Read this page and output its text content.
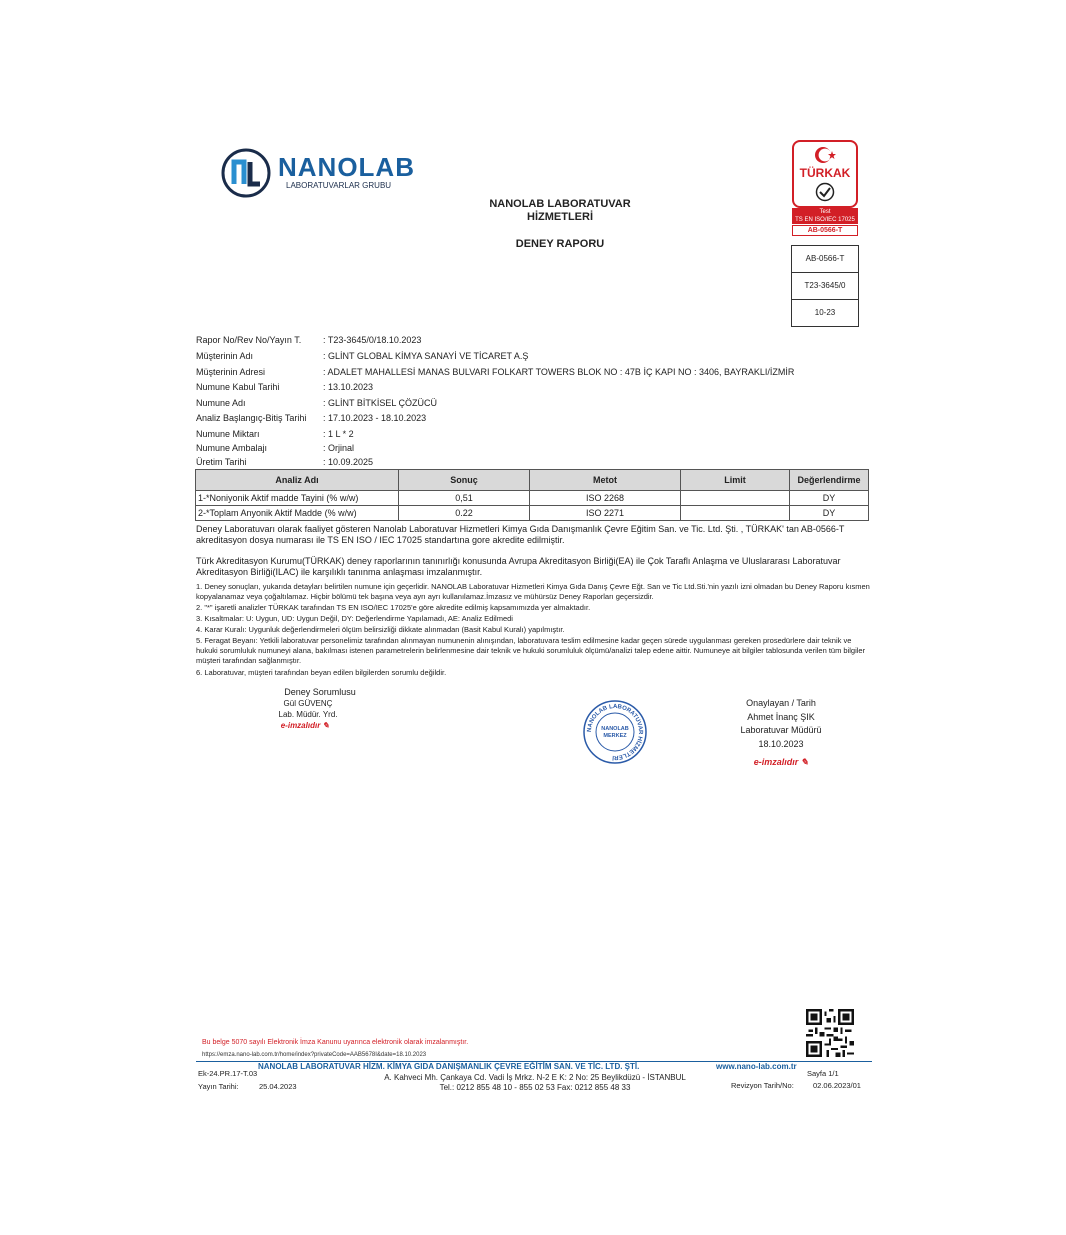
NANOLAB
LABORATUVARLAR GRUBU
NANOLAB LABORATUVAR
HİZMETLERİ
DENEY RAPORU
TÜRKAK
Test
TS EN ISO/IEC 17025
AB-0566-T
AB-0566-T
T23-3645/0
10-23
Rapor No/Rev No/Yayın T. : T23-3645/0/18.10.2023
Müşterinin Adı	: GLİNT GLOBAL KİMYA SANAYİ VE TİCARET A.Ş
Müşterinin Adresi	: ADALET MAHALLESİ MANAS BULVARI FOLKART TOWERS BLOK NO : 47B İÇ KAPI NO : 3406, BAYRAKLI/İZMİR
Numune Kabul Tarihi	: 13.10.2023
Numune Adı	: GLİNT BİTKİSEL ÇÖZÜCÜ
Analiz Başlangıç-Bitiş Tarihi : 17.10.2023 - 18.10.2023
Numune Miktarı	: 1 L * 2
Numune Ambalajı	: Orjinal
Üretim Tarihi	: 10.09.2025
Analiz Adı	Sonuç	Metot	Limit	Değerlendirme
1-*Noniyonik Aktif madde Tayini (% w/w)	0,51	ISO 2268		DY
2-*Toplam Anyonik Aktif Madde (% w/w)	0.22	ISO 2271		DY
Deney Laboratuvarı olarak faaliyet gösteren Nanolab Laboratuvar Hizmetleri Kimya Gıda Danışmanlık Çevre Eğitim San. ve Tic. Ltd. Şti. , TÜRKAK' tan AB-0566-T akreditasyon dosya numarası ile TS EN ISO / IEC 17025 standartına gore akredite edilmiştir.
Türk Akreditasyon Kurumu(TÜRKAK) deney raporlarının tanınırlığı konusunda Avrupa Akreditasyon Birliği(EA) ile Çok Taraflı Anlaşma ve Uluslararası Laboratuvar Akreditasyon Birliği(ILAC) ile karşılıklı tanınma anlaşması imzalanmıştır.
1. Deney sonuçları, yukarıda detayları belirtilen numune için geçerlidir. NANOLAB Laboratuvar Hizmetleri Kimya Gıda Danış Çevre Eğt. San ve Tic Ltd.Sti.'nin yazılı izni olmadan bu Deney Raporu kısmen kopyalanamaz veya çoğaltılamaz. Hiçbir bölümü tek başına veya ayrı ayrı kullanılamaz.İmzasız ve mühürsüz Deney Raporları geçersizdir.
2. "*" işaretli analizler TÜRKAK tarafından TS EN ISO/IEC 17025'e göre akredite edilmiş kapsamımızda yer almaktadır.
3. Kısaltmalar: U: Uygun, UD: Uygun Değil, DY: Değerlendirme Yapılamadı, AE: Analiz Edilmedi
4. Karar Kuralı: Uygunluk değerlendirmeleri ölçüm belirsizliği dikkate alınmadan (Basit Kabul Kuralı) yapılmıştır.
5. Feragat Beyanı: Yetkili laboratuvar personelimiz tarafından alınmayan numunenin alınışından, laboratuvara teslim edilmesine kadar geçen sürede uygulanması gereken prosedürlere dair teknik ve hukuki sorumluluk numuneyi alana, bakılması istenen parametrelerin belirlenmesine dair teknik ve hukuki sorumluluk ölçümü/analizi talep edene aittir. Numuneye ait bilgiler tablosunda verilen tüm bilgiler müşteri tarafından sağlanmıştır.
6. Laboratuvar, müşteri tarafından beyan edilen bilgilerden sorumlu değildir.
Deney Sorumlusu
Gül GÜVENÇ
Lab. Müdür. Yrd.
e-imzalıdır ✎	NANOLAB LABORATUVAR HİZMETLERİ
NANOLAB
MERKEZ
Onaylayan / Tarih
Ahmet İnanç ŞIK
Laboratuvar Müdürü
18.10.2023
e-imzalıdır ✎
Bu belge 5070 sayılı Elektronik İmza Kanunu uyarınca elektronik olarak imzalanmıştır.
https://emza.nano-lab.com.tr/home/index?privateCode=AAB5678I&date=18.10.2023
Ek-24.PR.17-T.03
Yayın Tarihi:	25.04.2023
NANOLAB LABORATUVAR HİZM. KİMYA GIDA DANIŞMANLIK ÇEVRE EĞİTİM SAN. VE TİC. LTD. ŞTİ.	www.nano-lab.com.tr
A. Kahveci Mh. Çankaya Cd. Vadi İş Mrkz. N-2 E K: 2 No: 25 Beylikdüzü - İSTANBUL
Tel.: 0212 855 48 10 - 855 02 53 Fax: 0212 855 48 33
Sayfa 1/1
Revizyon Tarih/No:	02.06.2023/01
